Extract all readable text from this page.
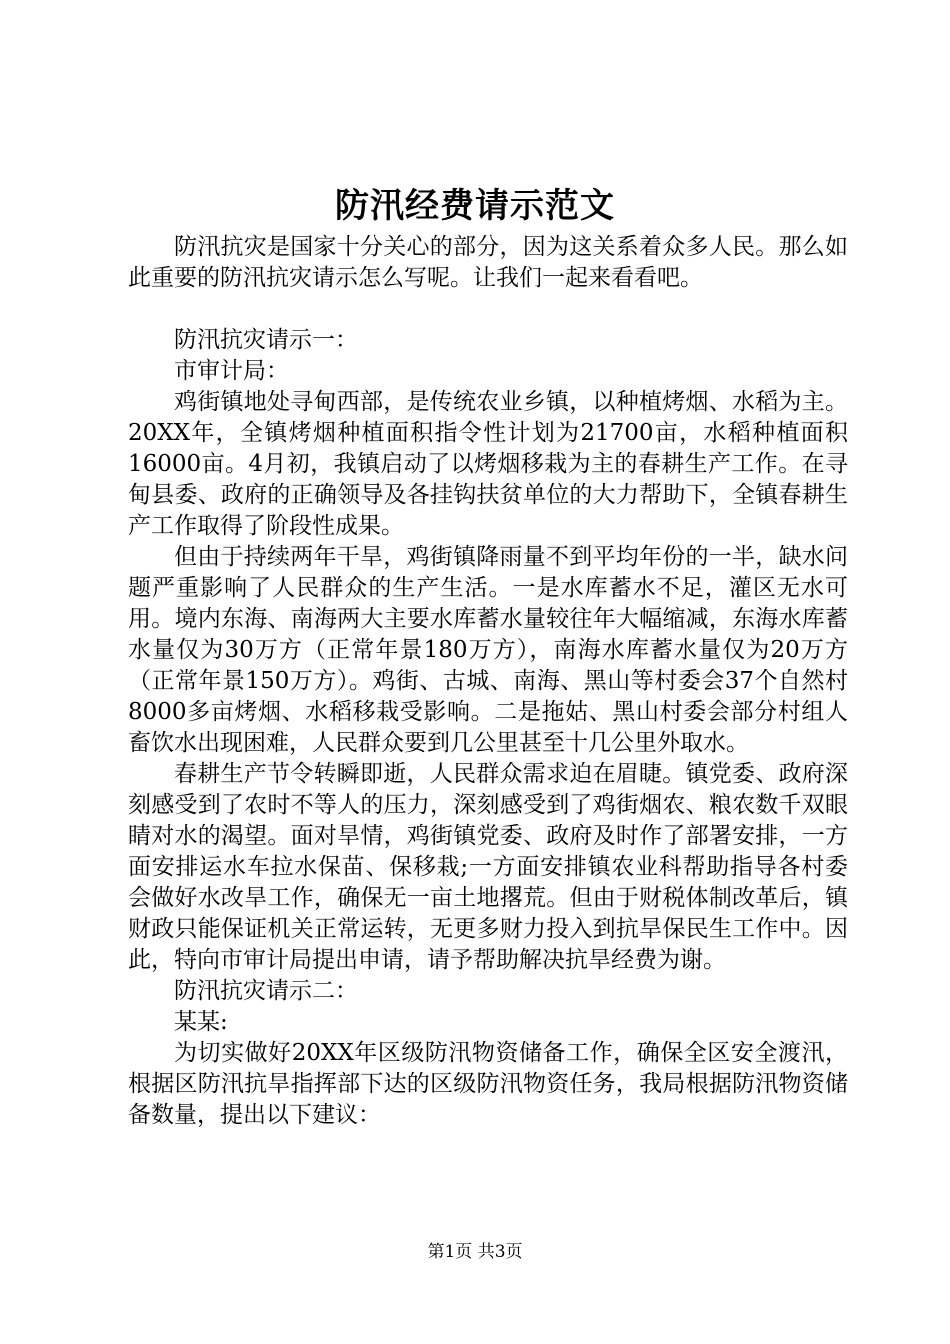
防汛经费请示范文

防汛抗灾是国家十分关心的部分，因为这关系着众多人民。那么如此重要的防汛抗灾请示怎么写呢。让我们一起来看看吧。

防汛抗灾请示一：

市审计局：

鸡街镇地处寻甸西部，是传统农业乡镇，以种植烤烟、水稻为主。20XX年，全镇烤烟种植面积指令性计划为21700亩，水稻种植面积16000亩。4月初，我镇启动了以烤烟移栽为主的春耕生产工作。在寻甸县委、政府的正确领导及各挂钩扶贫单位的大力帮助下，全镇春耕生产工作取得了阶段性成果。

但由于持续两年干旱，鸡街镇降雨量不到平均年份的一半，缺水问题严重影响了人民群众的生产生活。一是水库蓄水不足，灌区无水可用。境内东海、南海两大主要水库蓄水量较往年大幅缩减，东海水库蓄水量仅为30万方（正常年景180万方），南海水库蓄水量仅为20万方（正常年景150万方）。鸡街、古城、南海、黑山等村委会37个自然村8000多亩烤烟、水稻移栽受影响。二是拖姑、黑山村委会部分村组人畜饮水出现困难，人民群众要到几公里甚至十几公里外取水。

春耕生产节令转瞬即逝，人民群众需求迫在眉睫。镇党委、政府深刻感受到了农时不等人的压力，深刻感受到了鸡街烟农、粮农数千双眼睛对水的渴望。面对旱情，鸡街镇党委、政府及时作了部署安排，一方面安排运水车拉水保苗、保移栽;一方面安排镇农业科帮助指导各村委会做好水改旱工作，确保无一亩土地撂荒。但由于财税体制改革后，镇财政只能保证机关正常运转，无更多财力投入到抗旱保民生工作中。因此，特向市审计局提出申请，请予帮助解决抗旱经费为谢。

防汛抗灾请示二：

某某:

为切实做好20XX年区级防汛物资储备工作，确保全区安全渡汛，根据区防汛抗旱指挥部下达的区级防汛物资任务，我局根据防汛物资储备数量，提出以下建议：

第1页 共3页
